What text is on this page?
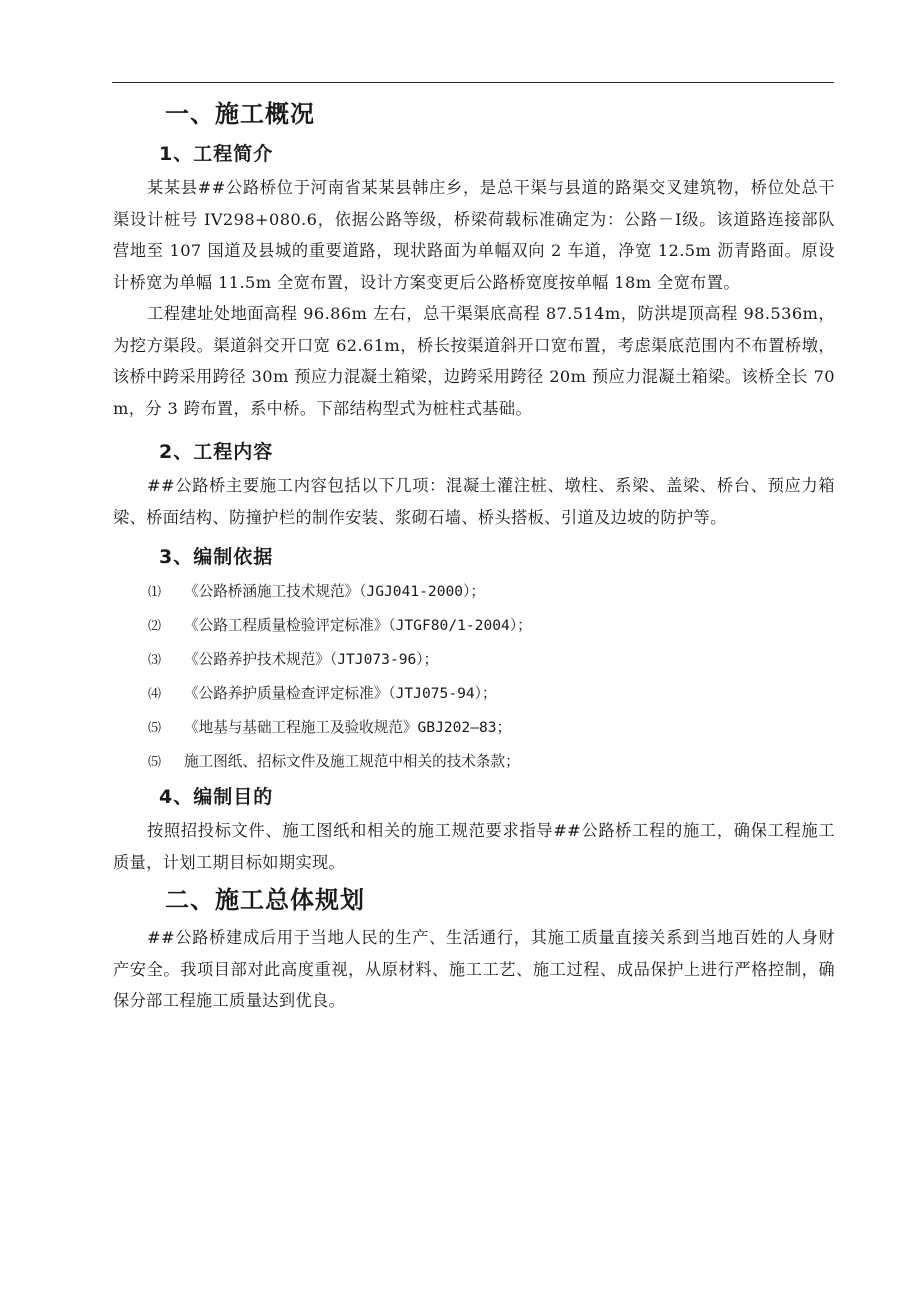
一、施工概况
1、工程简介

某某县##公路桥位于河南省某某县韩庄乡，是总干渠与县道的路渠交叉建筑物，桥位处总干渠设计桩号 IV298+080.6，依据公路等级，桥梁荷载标准确定为：公路－Ⅰ级。该道路连接部队营地至 107 国道及县城的重要道路，现状路面为单幅双向 2 车道，净宽 12.5m 沥青路面。原设计桥宽为单幅 11.5m 全宽布置，设计方案变更后公路桥宽度按单幅 18m 全宽布置。

工程建址处地面高程 96.86m 左右，总干渠渠底高程 87.514m，防洪堤顶高程 98.536m，为挖方渠段。渠道斜交开口宽 62.61m，桥长按渠道斜开口宽布置，考虑渠底范围内不布置桥墩，该桥中跨采用跨径 30m 预应力混凝土箱梁，边跨采用跨径 20m 预应力混凝土箱梁。该桥全长 70m，分 3 跨布置，系中桥。下部结构型式为桩柱式基础。

2、工程内容

##公路桥主要施工内容包括以下几项：混凝土灌注桩、墩柱、系梁、盖梁、桥台、预应力箱梁、桥面结构、防撞护栏的制作安装、浆砌石墙、桥头搭板、引道及边坡的防护等。

3、编制依据
⑴ 《公路桥涵施工技术规范》（JGJ041-2000）；
⑵ 《公路工程质量检验评定标准》（JTGF80/1-2004）；
⑶ 《公路养护技术规范》（JTJ073-96）；
⑷ 《公路养护质量检查评定标准》（JTJ075-94）；
⑸ 《地基与基础工程施工及验收规范》GBJ202—83；
⑸ 施工图纸、招标文件及施工规范中相关的技术条款；
4、编制目的

按照招投标文件、施工图纸和相关的施工规范要求指导##公路桥工程的施工，确保工程施工质量，计划工期目标如期实现。

二、施工总体规划

##公路桥建成后用于当地人民的生产、生活通行，其施工质量直接关系到当地百姓的人身财产安全。我项目部对此高度重视，从原材料、施工工艺、施工过程、成品保护上进行严格控制，确保分部工程施工质量达到优良。
